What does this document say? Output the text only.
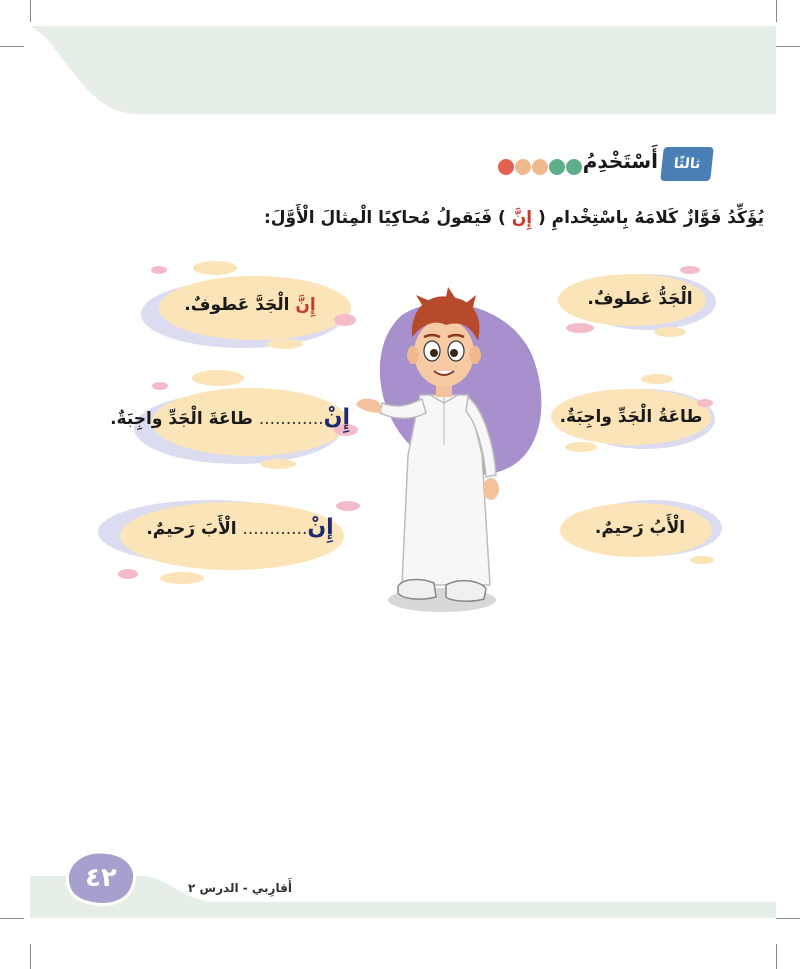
ثالثًا
أَسْتَخْدِمُ
يُؤَكِّدُ فَوَّازٌ كَلامَهُ بِاسْتِخْدامِ ( إِنَّ ) فَيَقولُ مُحاكِيًا الْمِثالَ الْأَوَّلَ:
الْجَدُّ عَطوفٌ.
طاعَةُ الْجَدِّ واجِبَةٌ.
الْأَبُ رَحيمٌ.
إِنَّ الْجَدَّ عَطوفٌ.
إِنْ............ طاعَةَ الْجَدِّ واجِبَةٌ.
إِنْ............ الْأَبَ رَحيمٌ.
٤٢	أَقارِبي - الدرس ٢
